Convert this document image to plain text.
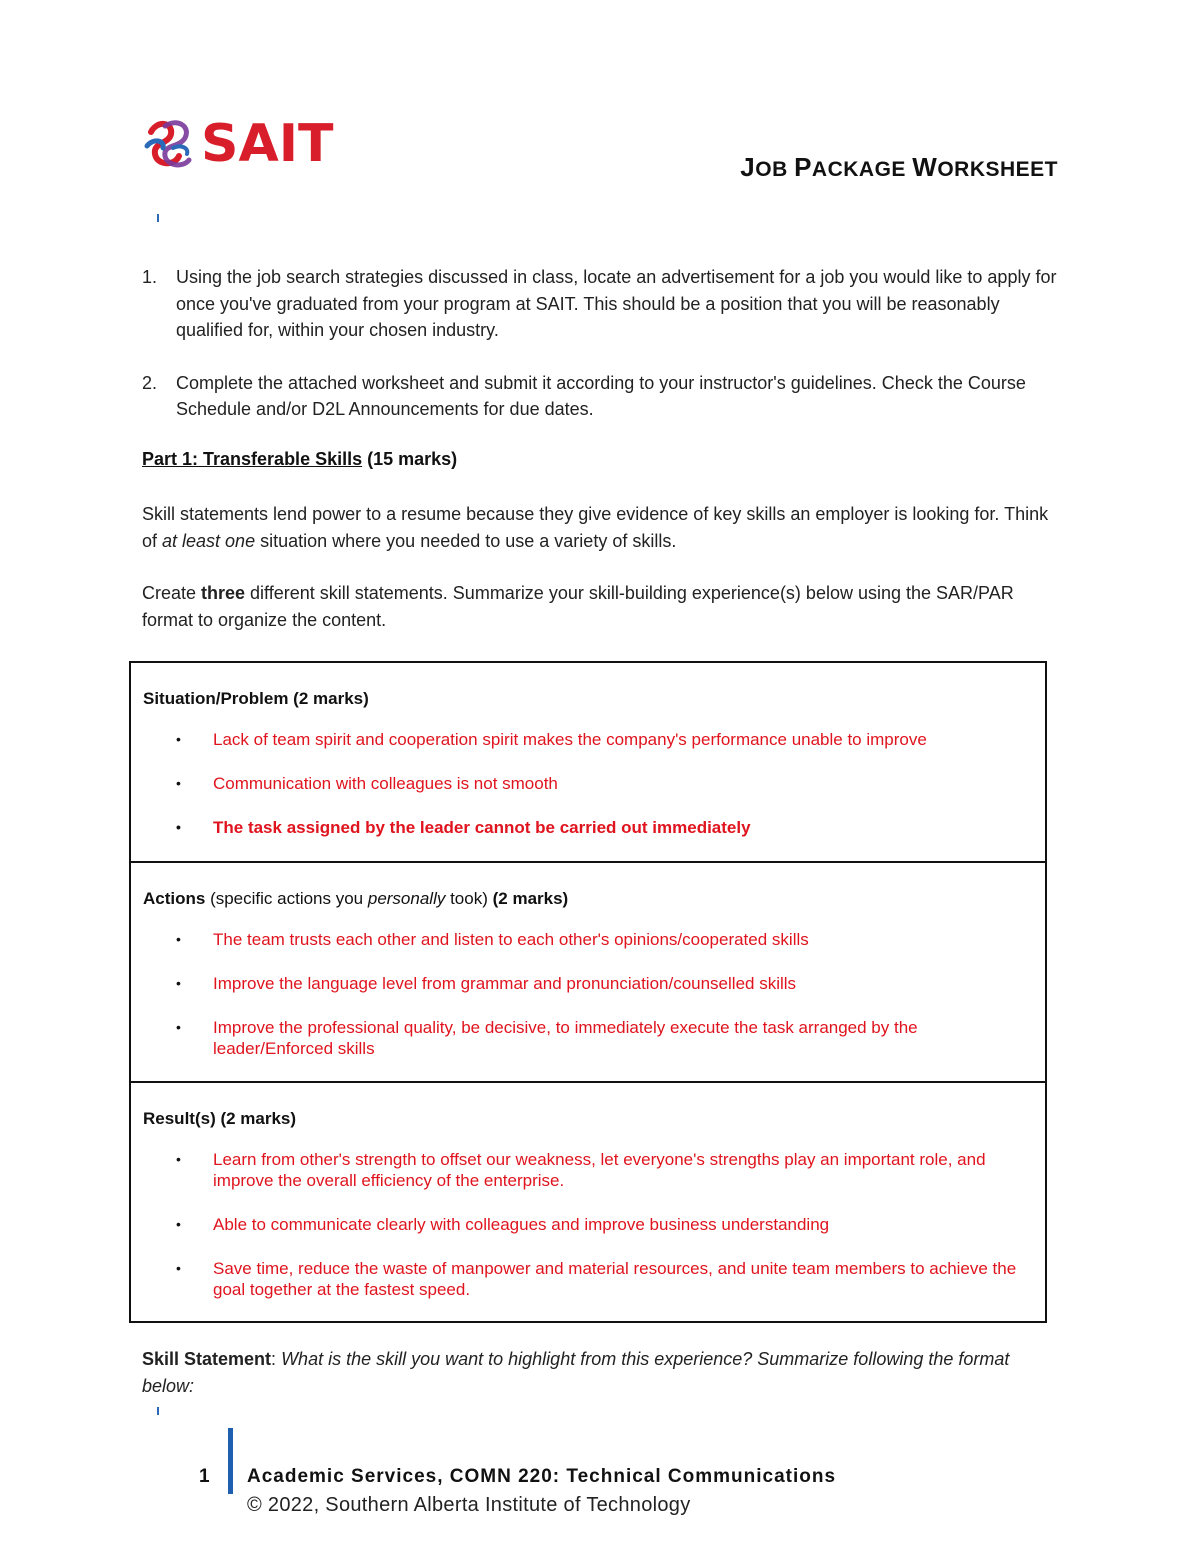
SAIT	JOB PACKAGE WORKSHEET
1.	Using the job search strategies discussed in class, locate an advertisement for a job you would like to apply for once you've graduated from your program at SAIT. This should be a position that you will be reasonably qualified for, within your chosen industry.
2.	Complete the attached worksheet and submit it according to your instructor's guidelines. Check the Course Schedule and/or D2L Announcements for due dates.
Part 1: Transferable Skills (15 marks)
Skill statements lend power to a resume because they give evidence of key skills an employer is looking for. Think of at least one situation where you needed to use a variety of skills.
Create three different skill statements. Summarize your skill-building experience(s) below using the SAR/PAR format to organize the content.
Situation/Problem (2 marks)
• Lack of team spirit and cooperation spirit makes the company's performance unable to improve
• Communication with colleagues is not smooth
• The task assigned by the leader cannot be carried out immediately
Actions (specific actions you personally took) (2 marks)
• The team trusts each other and listen to each other's opinions/cooperated skills
• Improve the language level from grammar and pronunciation/counselled skills
• Improve the professional quality, be decisive, to immediately execute the task arranged by the leader/Enforced skills
Result(s) (2 marks)
• Learn from other's strength to offset our weakness, let everyone's strengths play an important role, and improve the overall efficiency of the enterprise.
• Able to communicate clearly with colleagues and improve business understanding
• Save time, reduce the waste of manpower and material resources, and unite team members to achieve the goal together at the fastest speed.
Skill Statement: What is the skill you want to highlight from this experience? Summarize following the format below:
1 Academic Services, COMN 220: Technical Communications
© 2022, Southern Alberta Institute of Technology
